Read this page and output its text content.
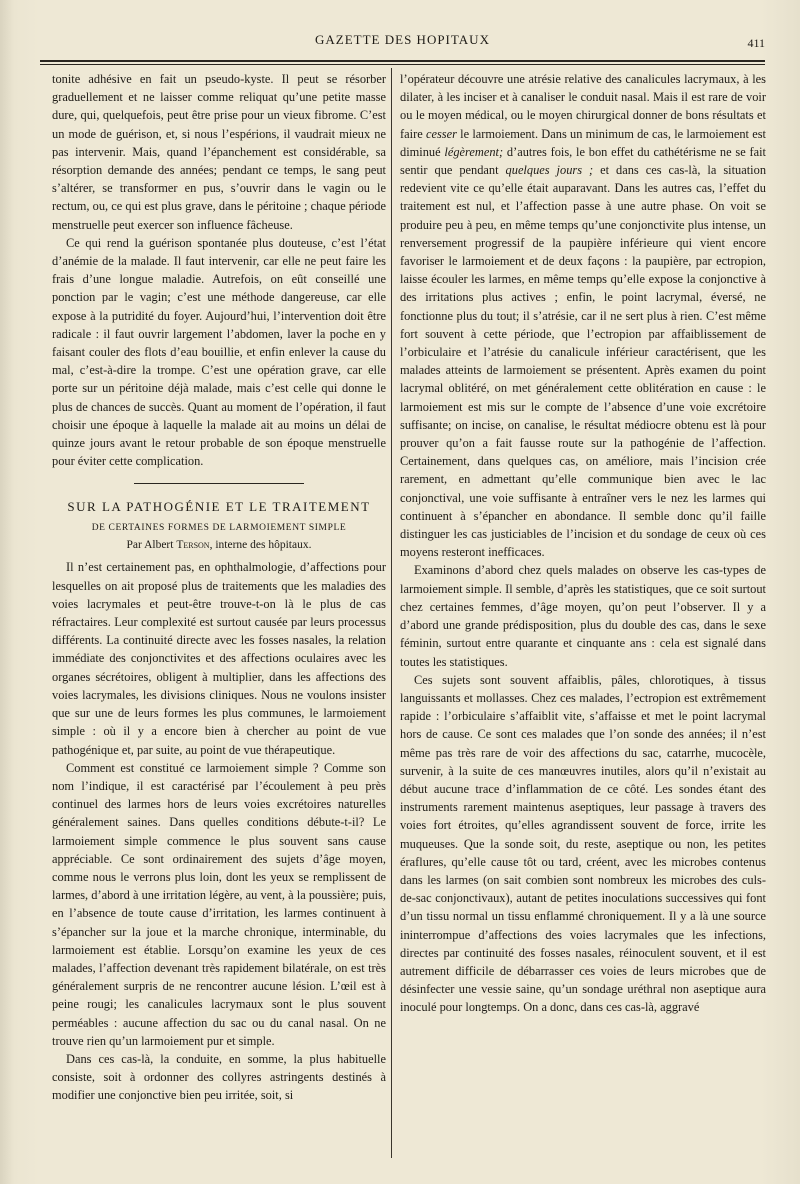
GAZETTE DES HOPITAUX	411

tonite adhésive en fait un pseudo-kyste. Il peut se résorber graduellement et ne laisser comme reliquat qu’une petite masse dure, qui, quelquefois, peut être prise pour un vieux fibrome. C’est un mode de guérison, et, si nous l’espérions, il vaudrait mieux ne pas intervenir. Mais, quand l’épanchement est considérable, sa résorption demande des années; pendant ce temps, le sang peut s’altérer, se transformer en pus, s’ouvrir dans le vagin ou le rectum, ou, ce qui est plus grave, dans le péritoine ; chaque période menstruelle peut exercer son influence fâcheuse.

Ce qui rend la guérison spontanée plus douteuse, c’est l’état d’anémie de la malade. Il faut intervenir, car elle ne peut faire les frais d’une longue maladie. Autrefois, on eût conseillé une ponction par le vagin; c’est une méthode dangereuse, car elle expose à la putridité du foyer. Aujourd’hui, l’intervention doit être radicale : il faut ouvrir largement l’abdomen, laver la poche en y faisant couler des flots d’eau bouillie, et enfin enlever la cause du mal, c’est-à-dire la trompe. C’est une opération grave, car elle porte sur un péritoine déjà malade, mais c’est celle qui donne le plus de chances de succès. Quant au moment de l’opération, il faut choisir une époque à laquelle la malade ait au moins un délai de quinze jours avant le retour probable de son époque menstruelle pour éviter cette complication.

SUR LA PATHOGÉNIE ET LE TRAITEMENT
DE CERTAINES FORMES DE LARMOIEMENT SIMPLE
Par Albert Terson, interne des hôpitaux.

Il n’est certainement pas, en ophthalmologie, d’affections pour lesquelles on ait proposé plus de traitements que les maladies des voies lacrymales et peut-être trouve-t-on là le plus de cas réfractaires. Leur complexité est surtout causée par leurs processus différents. La continuité directe avec les fosses nasales, la relation immédiate des conjonctivites et des affections oculaires avec les organes sécrétoires, obligent à multiplier, dans les affections des voies lacrymales, les divisions cliniques. Nous ne voulons insister que sur une de leurs formes les plus communes, le larmoiement simple : où il y a encore bien à chercher au point de vue pathogénique et, par suite, au point de vue thérapeutique.

Comment est constitué ce larmoiement simple ? Comme son nom l’indique, il est caractérisé par l’écoulement à peu près continuel des larmes hors de leurs voies excrétoires naturelles généralement saines. Dans quelles conditions débute-t-il? Le larmoiement simple commence le plus souvent sans cause appréciable. Ce sont ordinairement des sujets d’âge moyen, comme nous le verrons plus loin, dont les yeux se remplissent de larmes, d’abord à une irritation légère, au vent, à la poussière; puis, en l’absence de toute cause d’irritation, les larmes continuent à s’épancher sur la joue et la marche chronique, interminable, du larmoiement est établie. Lorsqu’on examine les yeux de ces malades, l’affection devenant très rapidement bilatérale, on est très généralement surpris de ne rencontrer aucune lésion. L’œil est à peine rougi; les canalicules lacrymaux sont le plus souvent perméables : aucune affection du sac ou du canal nasal. On ne trouve rien qu’un larmoiement pur et simple.

Dans ces cas-là, la conduite, en somme, la plus habituelle consiste, soit à ordonner des collyres astringents destinés à modifier une conjonctive bien peu irritée, soit, si

l’opérateur découvre une atrésie relative des canalicules lacrymaux, à les dilater, à les inciser et à canaliser le conduit nasal. Mais il est rare de voir ou le moyen médical, ou le moyen chirurgical donner de bons résultats et faire cesser le larmoiement. Dans un minimum de cas, le larmoiement est diminué légèrement; d’autres fois, le bon effet du cathétérisme ne se fait sentir que pendant quelques jours ; et dans ces cas-là, la situation redevient vite ce qu’elle était auparavant. Dans les autres cas, l’effet du traitement est nul, et l’affection passe à une autre phase. On voit se produire peu à peu, en même temps qu’une conjonctivite plus intense, un renversement progressif de la paupière inférieure qui vient encore favoriser le larmoiement et de deux façons : la paupière, par ectropion, laisse écouler les larmes, en même temps qu’elle expose la conjonctive à des irritations plus actives ; enfin, le point lacrymal, éversé, ne fonctionne plus du tout; il s’atrésie, car il ne sert plus à rien. C’est même fort souvent à cette période, que l’ectropion par affaiblissement de l’orbiculaire et l’atrésie du canalicule inférieur caractérisent, que les malades atteints de larmoiement se présentent. Après examen du point lacrymal oblitéré, on met généralement cette oblitération en cause : le larmoiement est mis sur le compte de l’absence d’une voie excrétoire suffisante; on incise, on canalise, le résultat médiocre obtenu est là pour prouver qu’on a fait fausse route sur la pathogénie de l’affection. Certainement, dans quelques cas, on améliore, mais l’incision crée rarement, en admettant qu’elle communique bien avec le lac conjonctival, une voie suffisante à entraîner vers le nez les larmes qui continuent à s’épancher en abondance. Il semble donc qu’il faille distinguer les cas justiciables de l’incision et du sondage de ceux où ces moyens resteront inefficaces.

Examinons d’abord chez quels malades on observe les cas-types de larmoiement simple. Il semble, d’après les statistiques, que ce soit surtout chez certaines femmes, d’âge moyen, qu’on peut l’observer. Il y a d’abord une grande prédisposition, plus du double des cas, dans le sexe féminin, surtout entre quarante et cinquante ans : cela est signalé dans toutes les statistiques.

Ces sujets sont souvent affaiblis, pâles, chlorotiques, à tissus languissants et mollasses. Chez ces malades, l’ectropion est extrêmement rapide : l’orbiculaire s’affaiblit vite, s’affaisse et met le point lacrymal hors de cause. Ce sont ces malades que l’on sonde des années; il n’est même pas très rare de voir des affections du sac, catarrhe, mucocèle, survenir, à la suite de ces manœuvres inutiles, alors qu’il n’existait au début aucune trace d’inflammation de ce côté. Les sondes étant des instruments rarement maintenus aseptiques, leur passage à travers des voies fort étroites, qu’elles agrandissent souvent de force, irrite les muqueuses. Que la sonde soit, du reste, aseptique ou non, les petites éraflures, qu’elle cause tôt ou tard, créent, avec les microbes contenus dans les larmes (on sait combien sont nombreux les microbes des culs-de-sac conjonctivaux), autant de petites inoculations successives qui font d’un tissu normal un tissu enflammé chroniquement. Il y a là une source ininterrompue d’affections des voies lacrymales que les infections, directes par continuité des fosses nasales, réinoculent souvent, et il est autrement difficile de débarrasser ces voies de leurs microbes que de désinfecter une vessie saine, qu’un sondage uréthral non aseptique aura inoculé pour longtemps. On a donc, dans ces cas-là, aggravé
